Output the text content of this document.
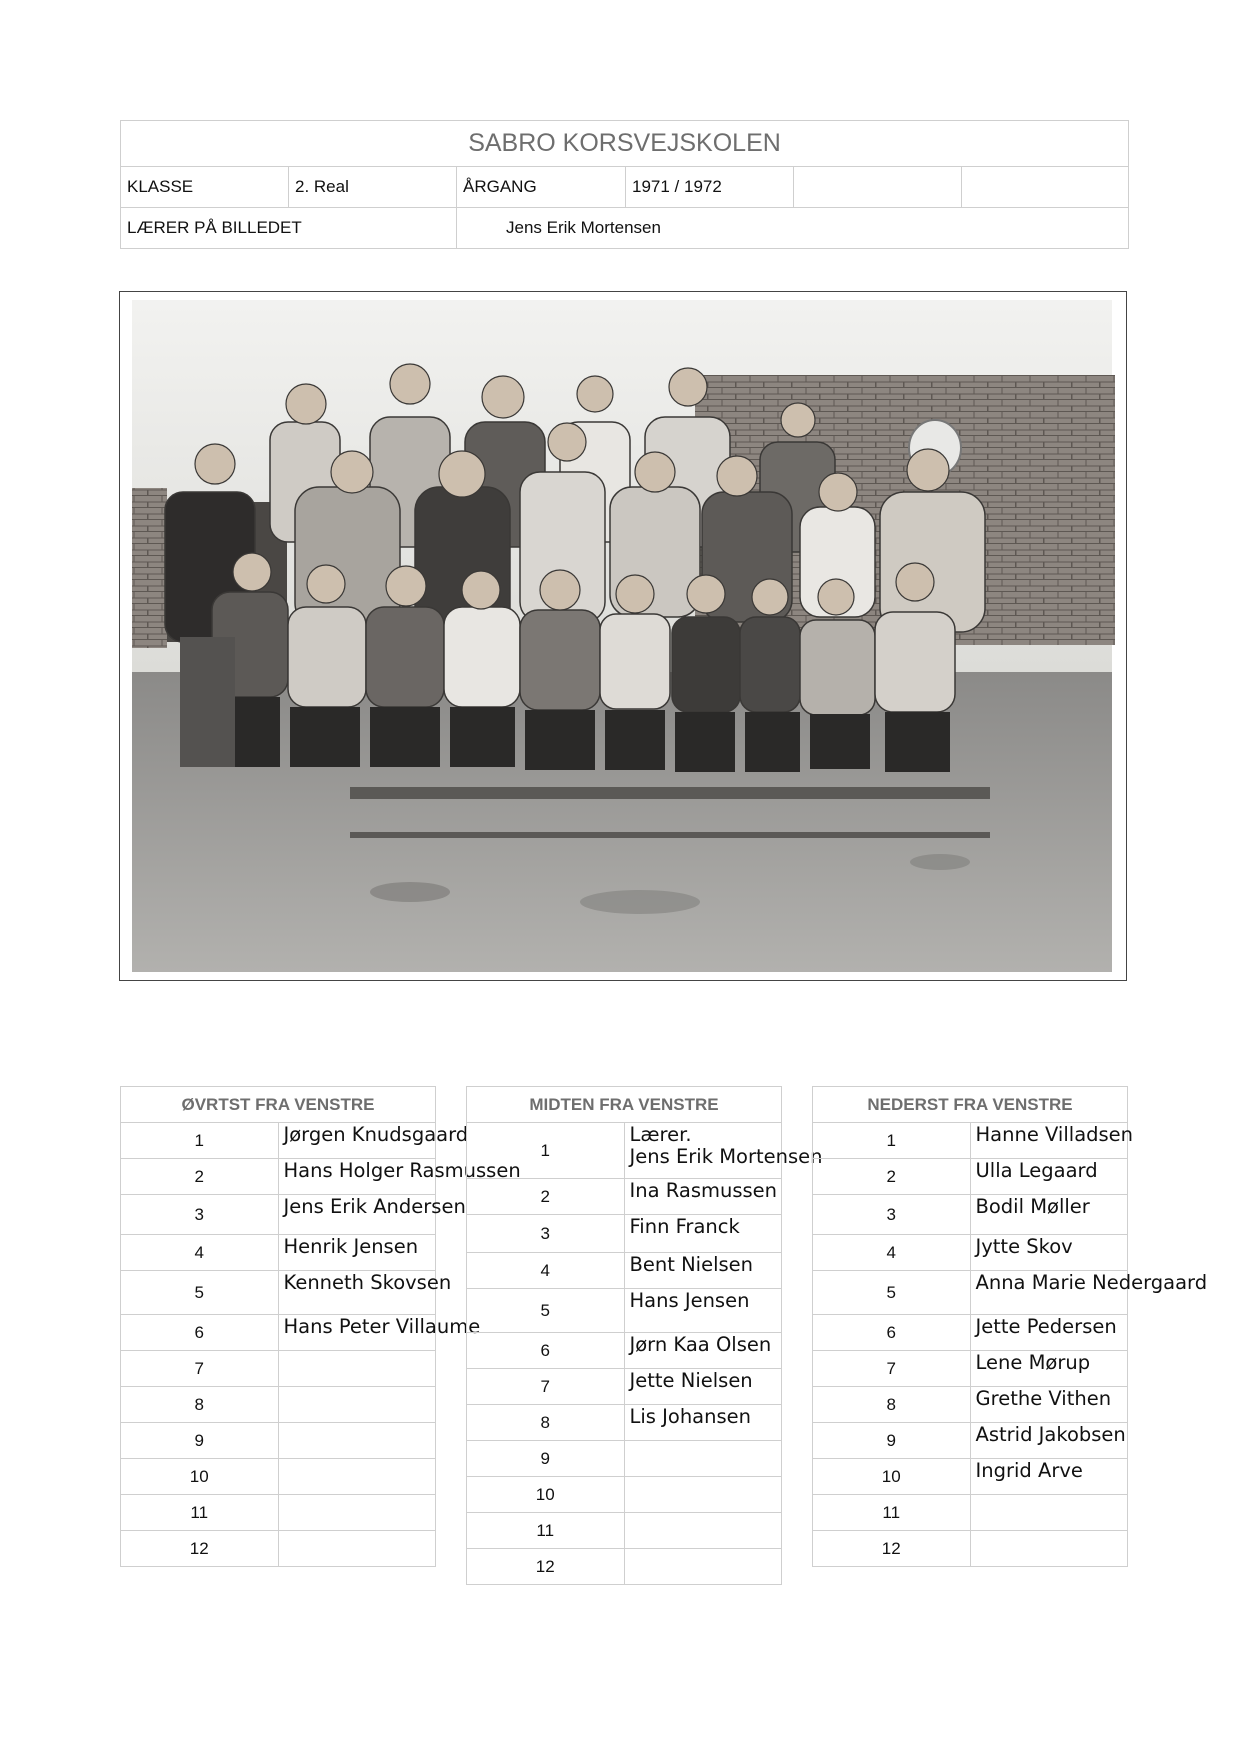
SABRO KORSVEJSKOLEN					
KLASSE	2. Real	ÅRGANG	1971 / 1972		
LÆRER PÅ BILLEDET		Jens Erik Mortensen			
ØVRTST FRA VENSTRE	
1	Jørgen Knudsgaard

2	Hans Holger Rasmussen

3	Jens Erik Andersen

4	Henrik Jensen

5	Kenneth Skovsen

6	Hans Peter Villaume

7	

8	

9	

10	

11	

12	
MIDTEN FRA VENSTRE	
1	Lærer.
Jens Erik Mortensen

2	Ina Rasmussen

3	Finn Franck

4	Bent Nielsen

5	Hans Jensen

6	Jørn Kaa Olsen

7	Jette Nielsen

8	Lis Johansen

9	

10	

11	

12	
NEDERST FRA VENSTRE	
1	Hanne Villadsen

2	Ulla Legaard

3	Bodil Møller

4	Jytte Skov

5	Anna Marie Nedergaard

6	Jette Pedersen

7	Lene Mørup

8	Grethe Vithen

9	Astrid Jakobsen

10	Ingrid Arve

11	

12	
